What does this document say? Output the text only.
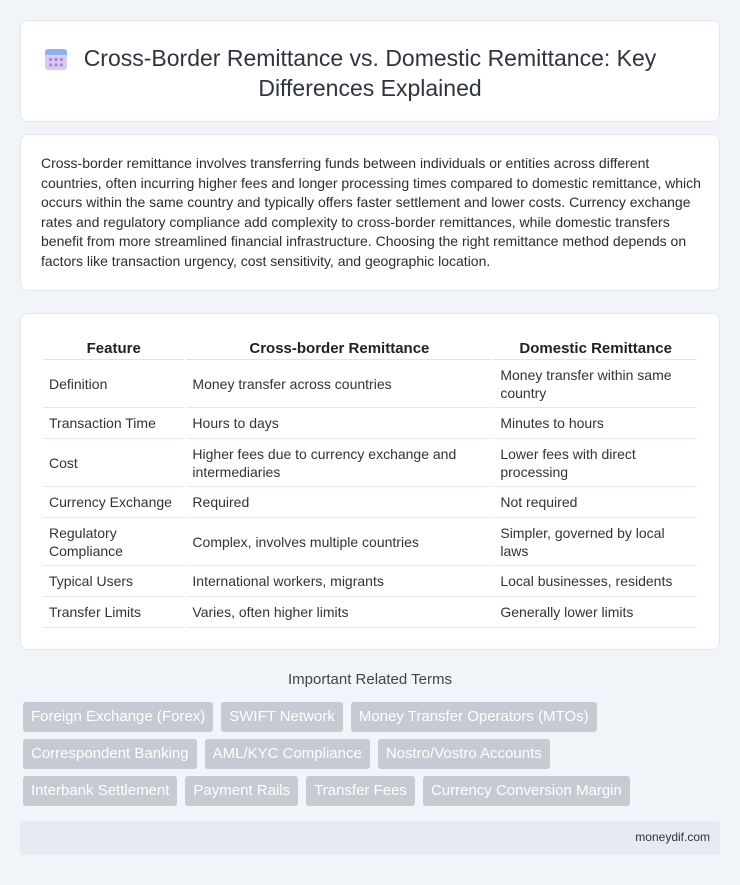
Cross-Border Remittance vs. Domestic Remittance: Key Differences Explained

Cross-border remittance involves transferring funds between individuals or entities across different countries, often incurring higher fees and longer processing times compared to domestic remittance, which occurs within the same country and typically offers faster settlement and lower costs. Currency exchange rates and regulatory compliance add complexity to cross-border remittances, while domestic transfers benefit from more streamlined financial infrastructure. Choosing the right remittance method depends on factors like transaction urgency, cost sensitivity, and geographic location.

Feature	Cross-border Remittance	Domestic Remittance
Definition	Money transfer across countries	Money transfer within same country
Transaction Time	Hours to days	Minutes to hours
Cost	Higher fees due to currency exchange and intermediaries	Lower fees with direct processing
Currency Exchange	Required	Not required
Regulatory Compliance	Complex, involves multiple countries	Simpler, governed by local laws
Typical Users	International workers, migrants	Local businesses, residents
Transfer Limits	Varies, often higher limits	Generally lower limits
Important Related Terms
Foreign Exchange (Forex)	SWIFT Network	Money Transfer Operators (MTOs)
Correspondent Banking	AML/KYC Compliance	Nostro/Vostro Accounts
Interbank Settlement	Payment Rails	Transfer Fees	Currency Conversion Margin
moneydif.com
